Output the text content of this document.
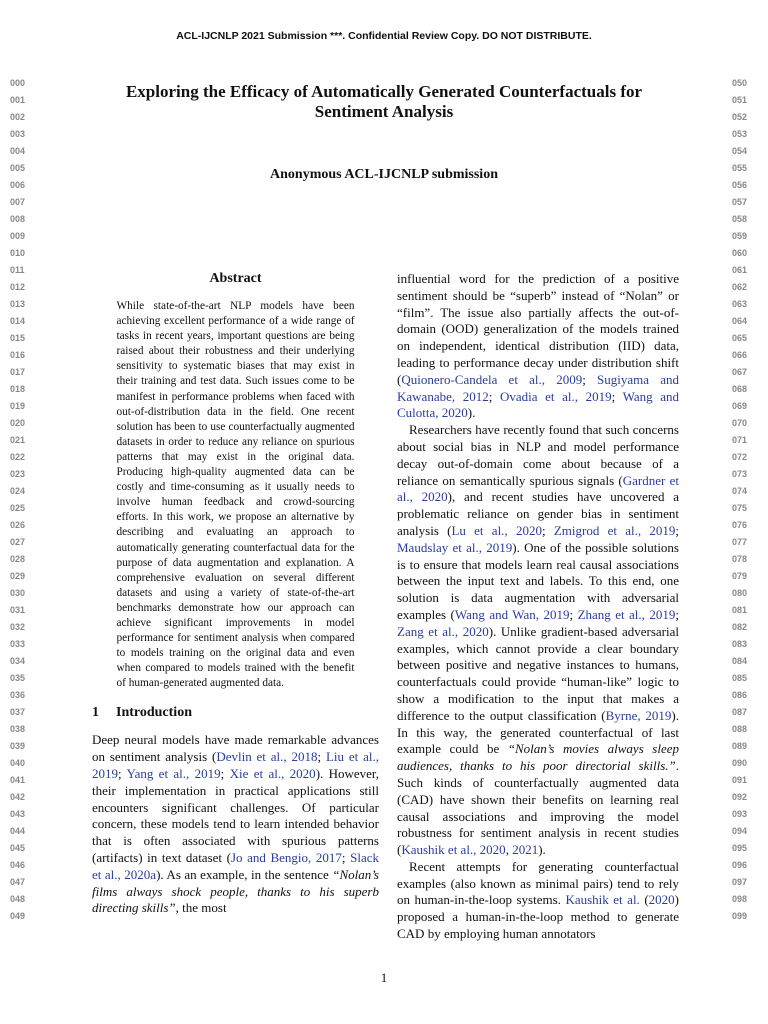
ACL-IJCNLP 2021 Submission ***. Confidential Review Copy. DO NOT DISTRIBUTE.
000
001
002
003
004
005
006
007
008
009
010
011
012
013
014
015
016
017
018
019
020
021
022
023
024
025
026
027
028
029
030
031
032
033
034
035
036
037
038
039
040
041
042
043
044
045
046
047
048
049
050
051
052
053
054
055
056
057
058
059
060
061
062
063
064
065
066
067
068
069
070
071
072
073
074
075
076
077
078
079
080
081
082
083
084
085
086
087
088
089
090
091
092
093
094
095
096
097
098
099
Exploring the Efficacy of Automatically Generated Counterfactuals for Sentiment Analysis
Anonymous ACL-IJCNLP submission
Abstract
While state-of-the-art NLP models have been achieving excellent performance of a wide range of tasks in recent years, important questions are being raised about their robustness and their underlying sensitivity to systematic biases that may exist in their training and test data. Such issues come to be manifest in performance problems when faced with out-of-distribution data in the field. One recent solution has been to use counterfactually augmented datasets in order to reduce any reliance on spurious patterns that may exist in the original data. Producing high-quality augmented data can be costly and time-consuming as it usually needs to involve human feedback and crowd-sourcing efforts. In this work, we propose an alternative by describing and evaluating an approach to automatically generating counterfactual data for the purpose of data augmentation and explanation. A comprehensive evaluation on several different datasets and using a variety of state-of-the-art benchmarks demonstrate how our approach can achieve significant improvements in model performance for sentiment analysis when compared to models training on the original data and even when compared to models trained with the benefit of human-generated augmented data.
1 Introduction

Deep neural models have made remarkable advances on sentiment analysis (Devlin et al., 2018; Liu et al., 2019; Yang et al., 2019; Xie et al., 2020). However, their implementation in practical applications still encounters significant challenges. Of particular concern, these models tend to learn intended behavior that is often associated with spurious patterns (artifacts) in text dataset (Jo and Bengio, 2017; Slack et al., 2020a). As an example, in the sentence “Nolan’s films always shock people, thanks to his superb directing skills”, the most

influential word for the prediction of a positive sentiment should be “superb” instead of “Nolan” or “film”. The issue also partially affects the out-of-domain (OOD) generalization of the models trained on independent, identical distribution (IID) data, leading to performance decay under distribution shift (Quionero-Candela et al., 2009; Sugiyama and Kawanabe, 2012; Ovadia et al., 2019; Wang and Culotta, 2020).

Researchers have recently found that such concerns about social bias in NLP and model performance decay out-of-domain come about because of a reliance on semantically spurious signals (Gardner et al., 2020), and recent studies have uncovered a problematic reliance on gender bias in sentiment analysis (Lu et al., 2020; Zmigrod et al., 2019; Maudslay et al., 2019). One of the possible solutions is to ensure that models learn real causal associations between the input text and labels. To this end, one solution is data augmentation with adversarial examples (Wang and Wan, 2019; Zhang et al., 2019; Zang et al., 2020). Unlike gradient-based adversarial examples, which cannot provide a clear boundary between positive and negative instances to humans, counterfactuals could provide “human-like” logic to show a modification to the input that makes a difference to the output classification (Byrne, 2019). In this way, the generated counterfactual of last example could be “Nolan’s movies always sleep audiences, thanks to his poor directorial skills.”. Such kinds of counterfactually augmented data (CAD) have shown their benefits on learning real causal associations and improving the model robustness for sentiment analysis in recent studies (Kaushik et al., 2020, 2021).

Recent attempts for generating counterfactual examples (also known as minimal pairs) tend to rely on human-in-the-loop systems. Kaushik et al. (2020) proposed a human-in-the-loop method to generate CAD by employing human annotators

1
